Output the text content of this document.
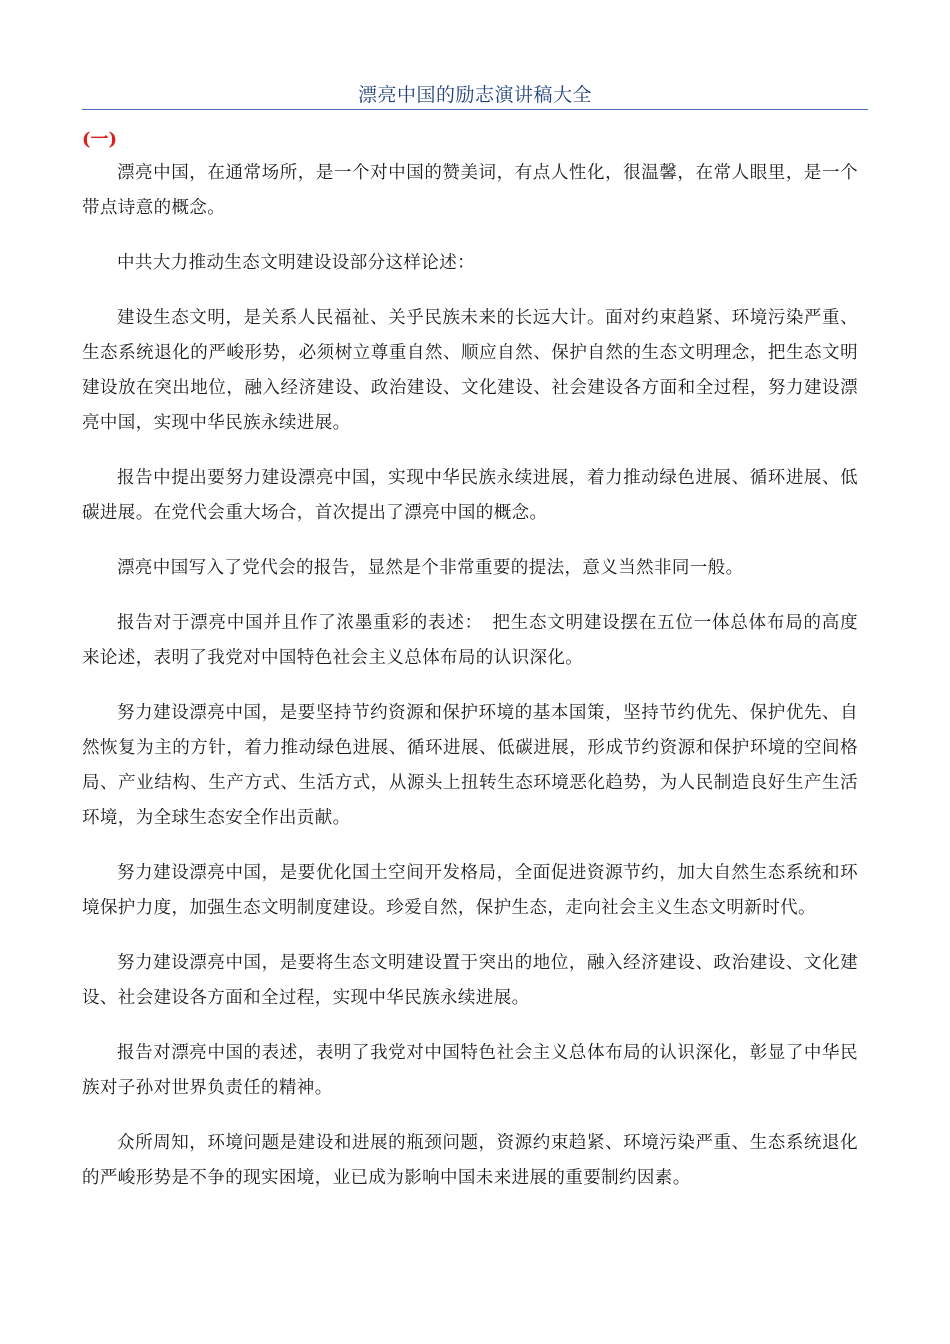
漂亮中国的励志演讲稿大全
(一)

漂亮中国，在通常场所，是一个对中国的赞美词，有点人性化，很温馨，在常人眼里，是一个带点诗意的概念。

中共大力推动生态文明建设设部分这样论述：

建设生态文明，是关系人民福祉、关乎民族未来的长远大计。面对约束趋紧、环境污染严重、生态系统退化的严峻形势，必须树立尊重自然、顺应自然、保护自然的生态文明理念，把生态文明建设放在突出地位，融入经济建设、政治建设、文化建设、社会建设各方面和全过程，努力建设漂亮中国，实现中华民族永续进展。

报告中提出要努力建设漂亮中国，实现中华民族永续进展，着力推动绿色进展、循环进展、低碳进展。在党代会重大场合，首次提出了漂亮中国的概念。

漂亮中国写入了党代会的报告，显然是个非常重要的提法，意义当然非同一般。

报告对于漂亮中国并且作了浓墨重彩的表述：　把生态文明建设摆在五位一体总体布局的高度来论述，表明了我党对中国特色社会主义总体布局的认识深化。

努力建设漂亮中国，是要坚持节约资源和保护环境的基本国策，坚持节约优先、保护优先、自然恢复为主的方针，着力推动绿色进展、循环进展、低碳进展，形成节约资源和保护环境的空间格局、产业结构、生产方式、生活方式，从源头上扭转生态环境恶化趋势，为人民制造良好生产生活环境，为全球生态安全作出贡献。

努力建设漂亮中国，是要优化国土空间开发格局，全面促进资源节约，加大自然生态系统和环境保护力度，加强生态文明制度建设。珍爱自然，保护生态，走向社会主义生态文明新时代。

努力建设漂亮中国，是要将生态文明建设置于突出的地位，融入经济建设、政治建设、文化建设、社会建设各方面和全过程，实现中华民族永续进展。

报告对漂亮中国的表述，表明了我党对中国特色社会主义总体布局的认识深化，彰显了中华民族对子孙对世界负责任的精神。

众所周知，环境问题是建设和进展的瓶颈问题，资源约束趋紧、环境污染严重、生态系统退化的严峻形势是不争的现实困境，业已成为影响中国未来进展的重要制约因素。
